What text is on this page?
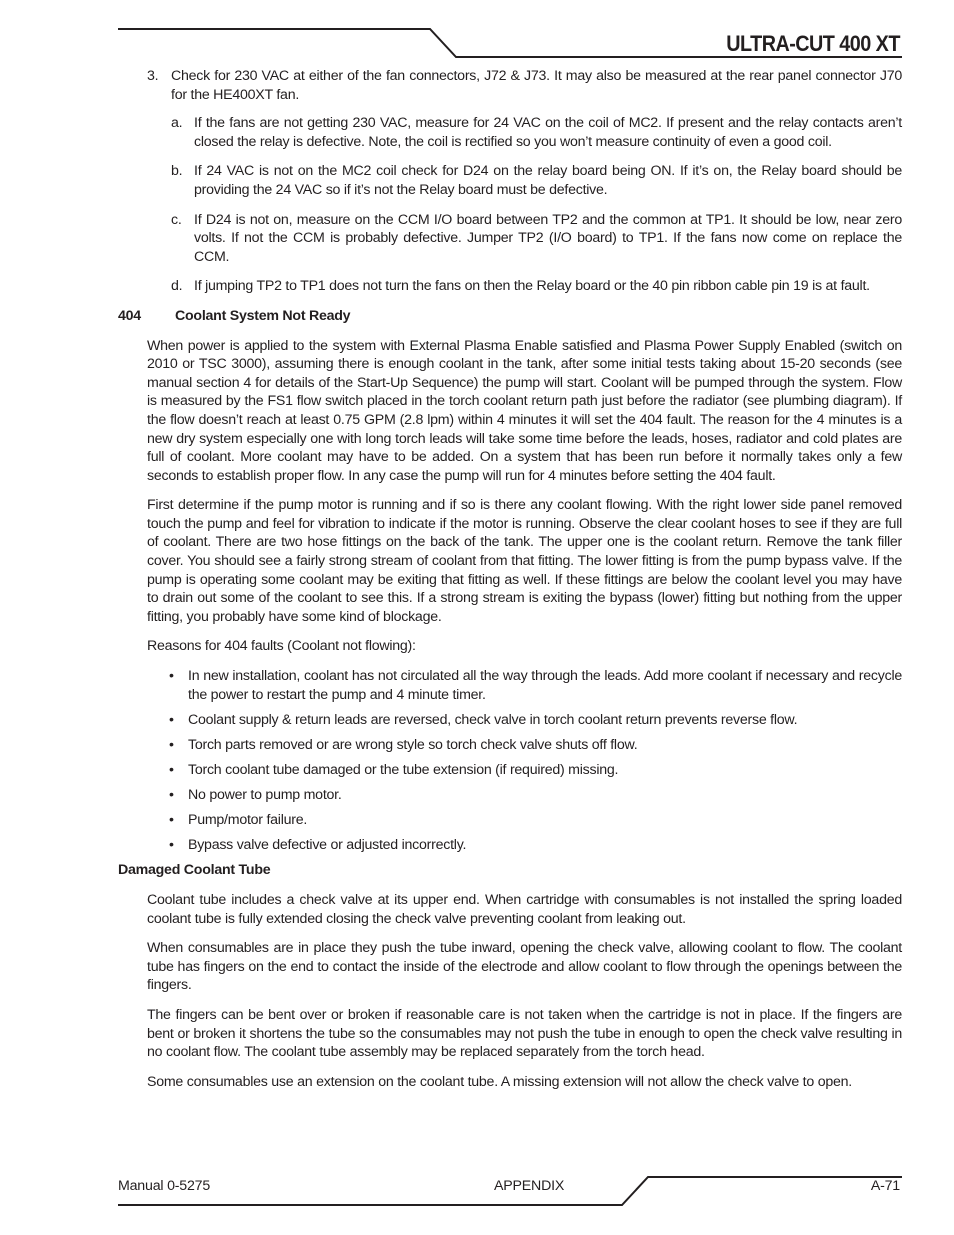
ULTRA-CUT 400 XT
3. Check for 230 VAC at either of the fan connectors, J72 & J73. It may also be measured at the rear panel connector J70 for the HE400XT fan.
a. If the fans are not getting 230 VAC, measure for 24 VAC on the coil of MC2. If present and the relay contacts aren’t closed the relay is defective. Note, the coil is rectified so you won’t measure continuity of even a good coil.
b. If 24 VAC is not on the MC2 coil check for D24 on the relay board being ON. If it’s on, the Relay board should be providing the 24 VAC so if it’s not the Relay board must be defective.
c. If D24 is not on, measure on the CCM I/O board between TP2 and the common at TP1. It should be low, near zero volts. If not the CCM is probably defective. Jumper TP2 (I/O board) to TP1. If the fans now come on replace the CCM.
d. If jumping TP2 to TP1 does not turn the fans on then the Relay board or the 40 pin ribbon cable pin 19 is at fault.
404 Coolant System Not Ready

When power is applied to the system with External Plasma Enable satisfied and Plasma Power Supply Enabled (switch on 2010 or TSC 3000), assuming there is enough coolant in the tank, after some initial tests taking about 15-20 seconds (see manual section 4 for details of the Start-Up Sequence) the pump will start. Coolant will be pumped through the system. Flow is measured by the FS1 flow switch placed in the torch coolant return path just before the radiator (see plumbing diagram). If the flow doesn’t reach at least 0.75 GPM (2.8 lpm) within 4 minutes it will set the 404 fault. The reason for the 4 minutes is a new dry system especially one with long torch leads will take some time before the leads, hoses, radiator and cold plates are full of coolant. More coolant may have to be added. On a system that has been run before it normally takes only a few seconds to establish proper flow. In any case the pump will run for 4 minutes before setting the 404 fault.

First determine if the pump motor is running and if so is there any coolant flowing. With the right lower side panel removed touch the pump and feel for vibration to indicate if the motor is running. Observe the clear coolant hoses to see if they are full of coolant. There are two hose fittings on the back of the tank. The upper one is the coolant return. Remove the tank filler cover. You should see a fairly strong stream of coolant from that fitting. The lower fitting is from the pump bypass valve. If the pump is operating some coolant may be exiting that fitting as well. If these fittings are below the coolant level you may have to drain out some of the coolant to see this. If a strong stream is exiting the bypass (lower) fitting but nothing from the upper fitting, you probably have some kind of blockage.

Reasons for 404 faults (Coolant not flowing):

• In new installation, coolant has not circulated all the way through the leads. Add more coolant if necessary and recycle the power to restart the pump and 4 minute timer.
• Coolant supply & return leads are reversed, check valve in torch coolant return prevents reverse flow.
• Torch parts removed or are wrong style so torch check valve shuts off flow.
• Torch coolant tube damaged or the tube extension (if required) missing.
• No power to pump motor.
• Pump/motor failure.
• Bypass valve defective or adjusted incorrectly.
Damaged Coolant Tube

Coolant tube includes a check valve at its upper end. When cartridge with consumables is not installed the spring loaded coolant tube is fully extended closing the check valve preventing coolant from leaking out.

When consumables are in place they push the tube inward, opening the check valve, allowing coolant to flow. The coolant tube has fingers on the end to contact the inside of the electrode and allow coolant to flow through the openings between the fingers.

The fingers can be bent over or broken if reasonable care is not taken when the cartridge is not in place. If the fingers are bent or broken it shortens the tube so the consumables may not push the tube in enough to open the check valve resulting in no coolant flow. The coolant tube assembly may be replaced separately from the torch head.

Some consumables use an extension on the coolant tube. A missing extension will not allow the check valve to open.

Manual 0-5275	APPENDIX	A-71
